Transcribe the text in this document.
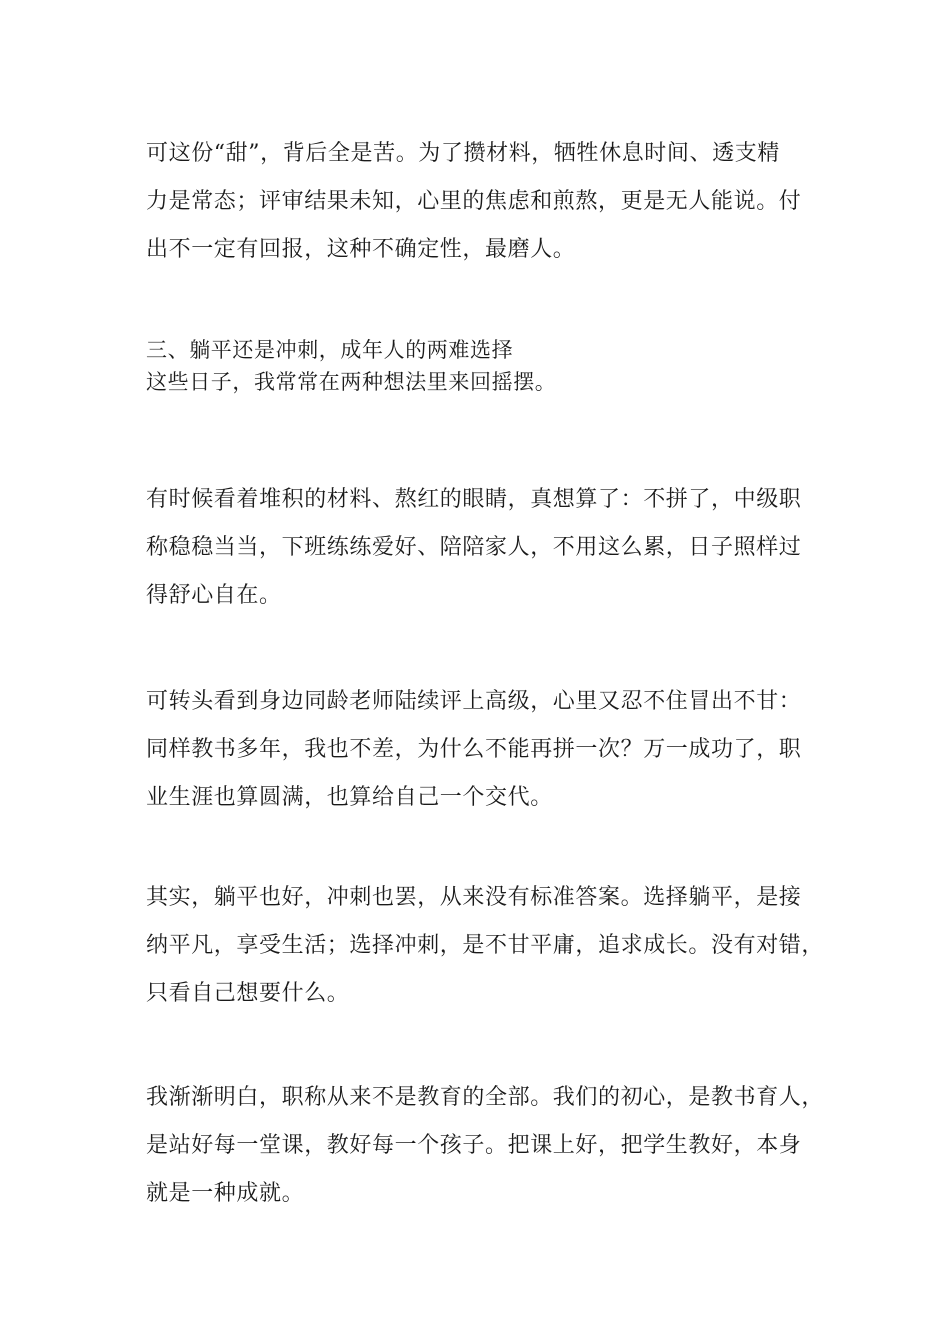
可这份“甜”，背后全是苦。为了攒材料，牺牲休息时间、透支精
力是常态；评审结果未知，心里的焦虑和煎熬，更是无人能说。付
出不一定有回报，这种不确定性，最磨人。
三、躺平还是冲刺，成年人的两难选择
这些日子，我常常在两种想法里来回摇摆。
有时候看着堆积的材料、熬红的眼睛，真想算了：不拼了，中级职
称稳稳当当，下班练练爱好、陪陪家人，不用这么累，日子照样过
得舒心自在。
可转头看到身边同龄老师陆续评上高级，心里又忍不住冒出不甘：
同样教书多年，我也不差，为什么不能再拼一次？万一成功了，职
业生涯也算圆满，也算给自己一个交代。
其实，躺平也好，冲刺也罢，从来没有标准答案。选择躺平，是接
纳平凡，享受生活；选择冲刺，是不甘平庸，追求成长。没有对错，
只看自己想要什么。
我渐渐明白，职称从来不是教育的全部。我们的初心，是教书育人，
是站好每一堂课，教好每一个孩子。把课上好，把学生教好，本身
就是一种成就。
